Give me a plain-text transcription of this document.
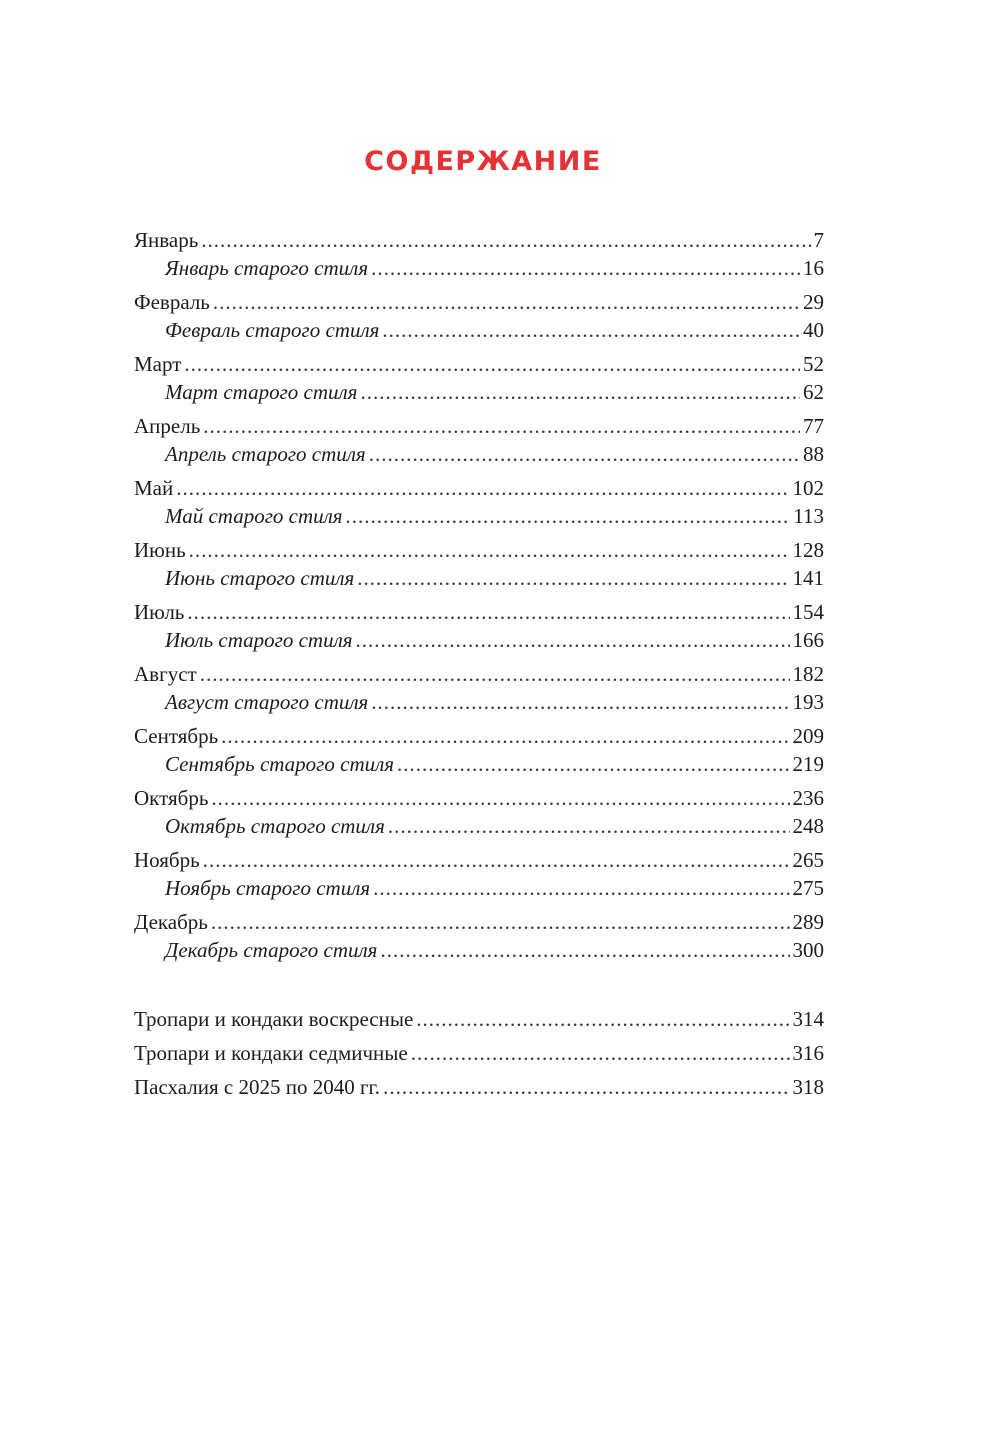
СОДЕРЖАНИЕ
Январь .....	7
Январь старого стиля .....	16
Февраль .....	29
Февраль старого стиля .....	40
Март .....	52
Март старого стиля .....	62
Апрель .....	77
Апрель старого стиля .....	88
Май .....	102
Май старого стиля .....	113
Июнь .....	128
Июнь старого стиля .....	141
Июль .....	154
Июль старого стиля .....	166
Август .....	182
Август старого стиля .....	193
Сентябрь .....	209
Сентябрь старого стиля .....	219
Октябрь .....	236
Октябрь старого стиля .....	248
Ноябрь .....	265
Ноябрь старого стиля .....	275
Декабрь .....	289
Декабрь старого стиля .....	300
Тропари и кондаки воскресные .....	314
Тропари и кондаки седмичные .....	316
Пасхалия с 2025 по 2040 гг. .....	318
